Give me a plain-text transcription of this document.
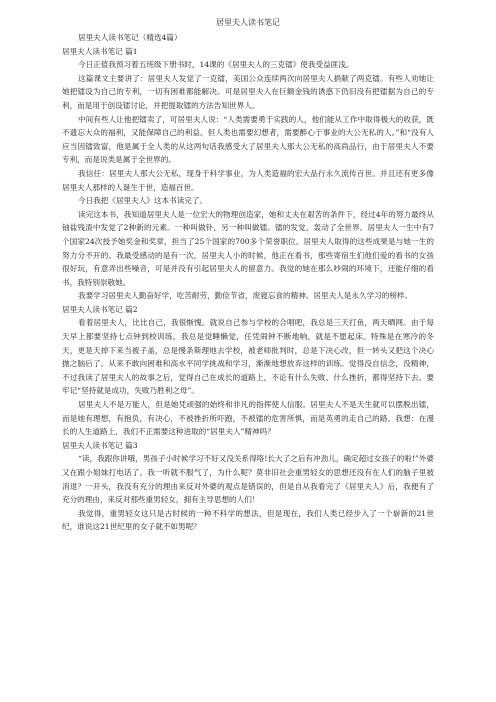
居里夫人读书笔记

居里夫人读书笔记（精选4篇）

居里夫人读书笔记 篇1

今日正值我预习着五班级下册书时，14课的《居里夫人的三克镭》使我受益匪浅。

这篇课文主要讲了：居里夫人发觉了一克镭，美国公众连续两次向居里夫人捐献了两克镭。有些人劝她让她把镭设为自己的专利，一切有困难都能解决。可是居里夫人在巨额金钱的诱惑下仍旧没有把镭据为自己的专利，而是用于创设镭讨论，并把提取镭的方法告知世界人。

中间有些人让他把镭卖了，可居里夫人说：“人类需要勇于实践的人，他们能从工作中取得极大的收获，既不遗忘大众的福利，又能保障自己的利益。但人类也需要幻想者，需要醉心于事业的大公无私的人。”和“没有人应当因镭致富，他是属于全人类的从这两句话我感受大了居里夫人那大公无私的高尚品行，由于居里夫人不要专利，而是说类是属于全世界的。

我信任：居里夫人那大公无私，现身于科学事业，为人类造福的宏大品行永久流传百世。并且还有更多像居里夫人那样的人诞生于世，造福百世。

今日我把《居里夫人》这本书读完了。

读完这本书，我知道居里夫人是一位宏大的物理创造家，她和丈夫在艰苦的条件下，经过4年的努力最终从铀盐残渣中发觉了2种新的元素。一种叫做钋，另一种叫做镭。镭的发觉，轰动了全世界。居里夫人一生中有7个国家24次授予她奖金和奖章，担当了25个国家的700多个荣誉职位。居里夫人取得的这些成果是与她一生的努力分不开的。我最受感动的是有一次，居里夫人小的时候，他正在看书，那些寄宿生们他们爱的看书的女孩很好玩，有意弄出些噪音，可是并没有引起居里夫人的留意力。我觉的她在那么吵闹的环境下，还能仔细的看书，我特别崇敬她。

我要学习居里夫人勤奋好学，吃苦耐劳，勤俭节省，废寝忘食的精神。居里夫人是永久学习的榜样。

居里夫人读书笔记 篇2

看着居里夫人，比比自己，我很惭愧。就说自己参与学校的合唱吧，我总是三天打鱼，两天晒网。由于每天早上都要坚持七点钟到校训练，我总是觉睡懒觉，任凭闹钟不断地响，就是不愿起床。特殊是在寒冷的冬天，更是天掉下来当被子盖，总是慢条斯理地去学校，被老师批判时，总是下决心改，但一转头又把这个决心抛之脑后了。从来不敢向困难和高水平同学挑战和学习，渐渐地想放弃这样的训练。觉得没自信念，没精神，不过我读了居里夫人的故事之后，觉得自己在成长的道路上，不论有什么失败、什么挫折，都得坚持下去。要牢记“坚持就是成功，失败乃胜利之母”。

居里夫人不是万能人，但是她凭顽强的始终和非凡的指挥使人信服。居里夫人不是天生就可以摆脱出镭，而是她有理想，有抱负，有决心，不被挫折所吓跑，不被镭的危害所惧，而是英勇的走自己的路。我想：在漫长的人生道路上，我们不正需要这种进取的“居里夫人”精神吗？

居里夫人读书笔记 篇3

“读，我跟你讲哦，男孩子小时候学习不好又没关系得咯!长大了之后有冲劲儿，确定超过女孩子的啦!”外婆又在跟小姐妹打电话了。我一听就不服气了，为什么呢？莫非旧社会重男轻女的思想还没有在人们的脑子里被消退？一开头，我没有充分的理由来反对外婆的观点是错误的，但是自从我看完了《居里夫人》后，我便有了充分的理由，来反对那些重男轻女，拥有主导思想的人们！

我觉得，重男轻女这只是古时候的一种不科学的想法，但是现在，我们人类已经步入了一个崭新的21世纪，谁说这21世纪里的女子就不如男呢？
